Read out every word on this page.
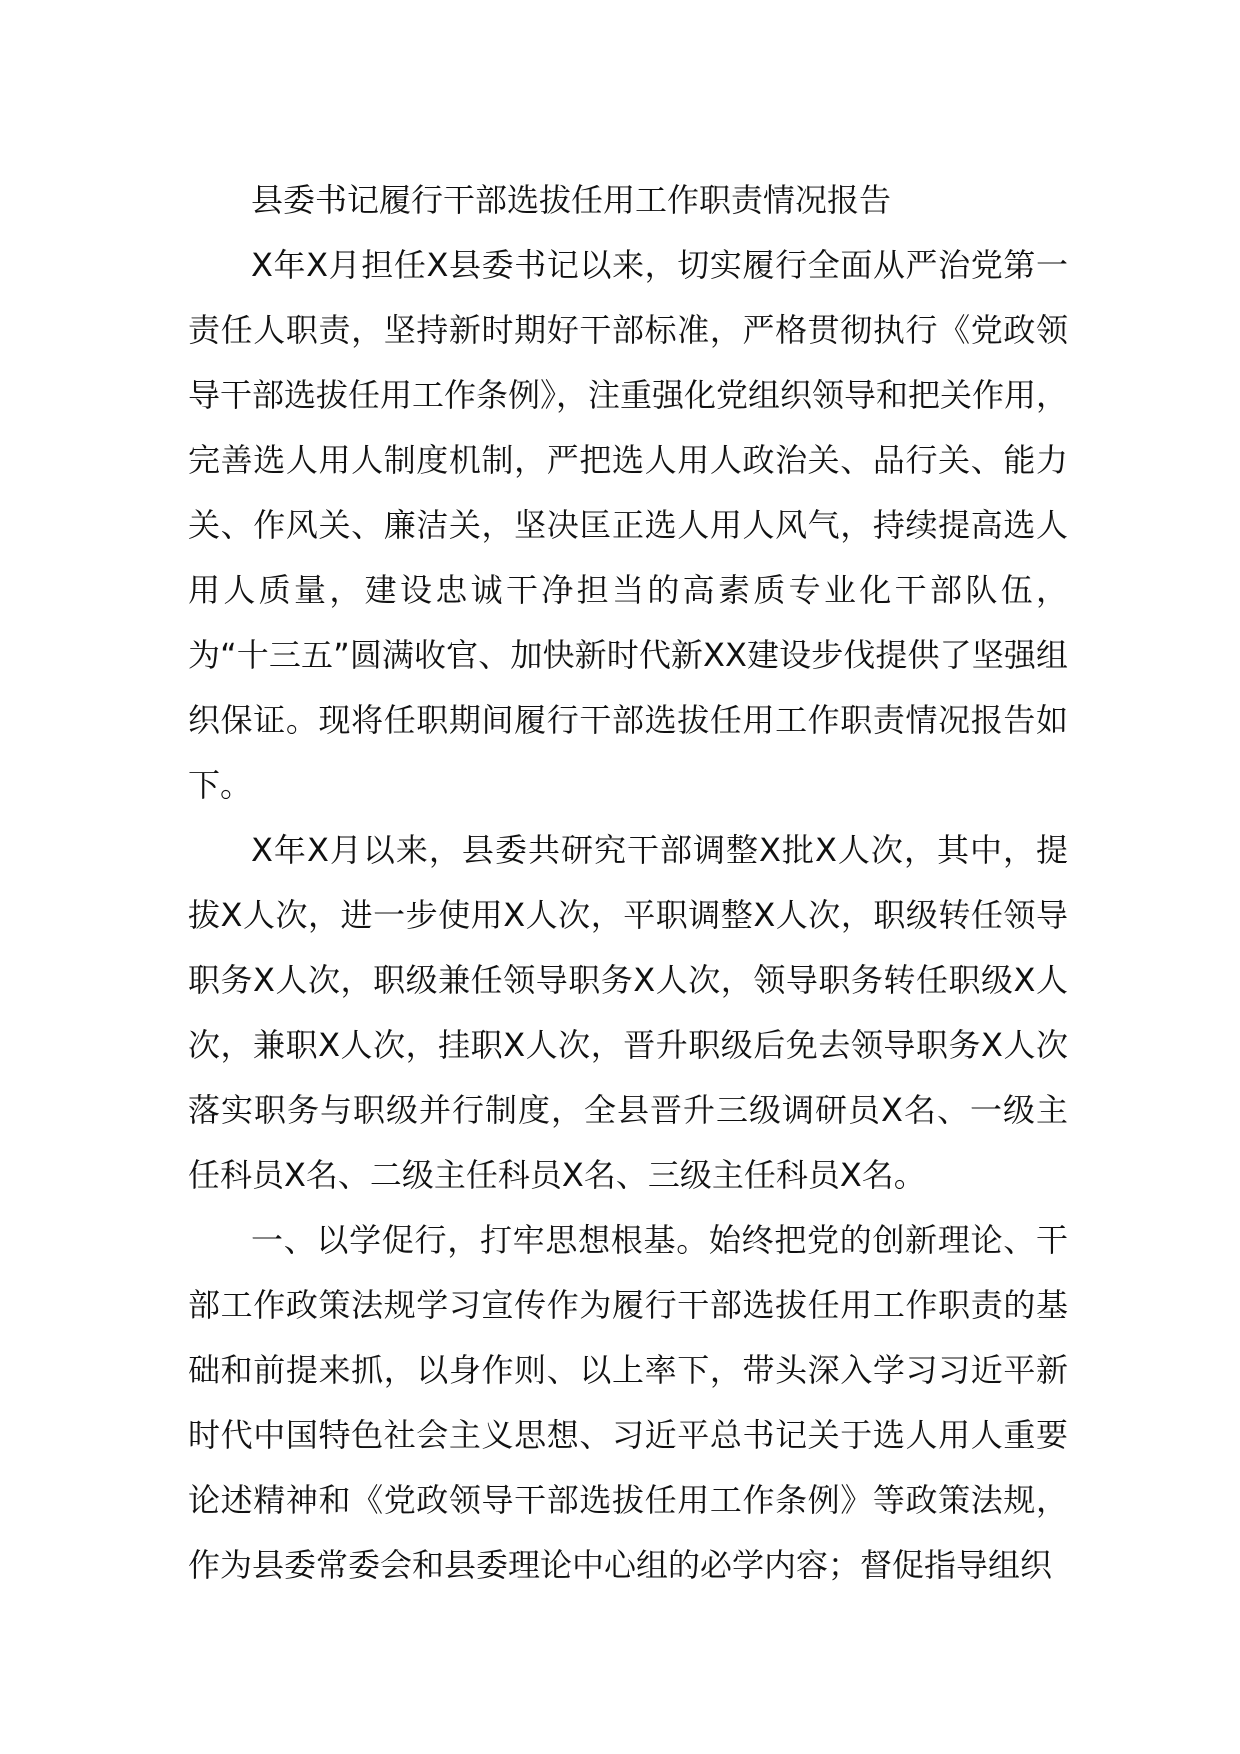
县委书记履行干部选拔任用工作职责情况报告

X年X月担任X县委书记以来，切实履行全面从严治党第一责任人职责，坚持新时期好干部标准，严格贯彻执行《党政领导干部选拔任用工作条例》，注重强化党组织领导和把关作用，完善选人用人制度机制，严把选人用人政治关、品行关、能力关、作风关、廉洁关，坚决匡正选人用人风气，持续提高选人用人质量，建设忠诚干净担当的高素质专业化干部队伍，为“十三五”圆满收官、加快新时代新XX建设步伐提供了坚强组织保证。现将任职期间履行干部选拔任用工作职责情况报告如下。

X年X月以来，县委共研究干部调整X批X人次，其中，提拔X人次，进一步使用X人次，平职调整X人次，职级转任领导职务X人次，职级兼任领导职务X人次，领导职务转任职级X人次，兼职X人次，挂职X人次，晋升职级后免去领导职务X人次落实职务与职级并行制度，全县晋升三级调研员X名、一级主任科员X名、二级主任科员X名、三级主任科员X名。

一、以学促行，打牢思想根基。始终把党的创新理论、干部工作政策法规学习宣传作为履行干部选拔任用工作职责的基础和前提来抓，以身作则、以上率下，带头深入学习习近平新时代中国特色社会主义思想、习近平总书记关于选人用人重要论述精神和《党政领导干部选拔任用工作条例》等政策法规，作为县委常委会和县委理论中心组的必学内容；督促指导组织
